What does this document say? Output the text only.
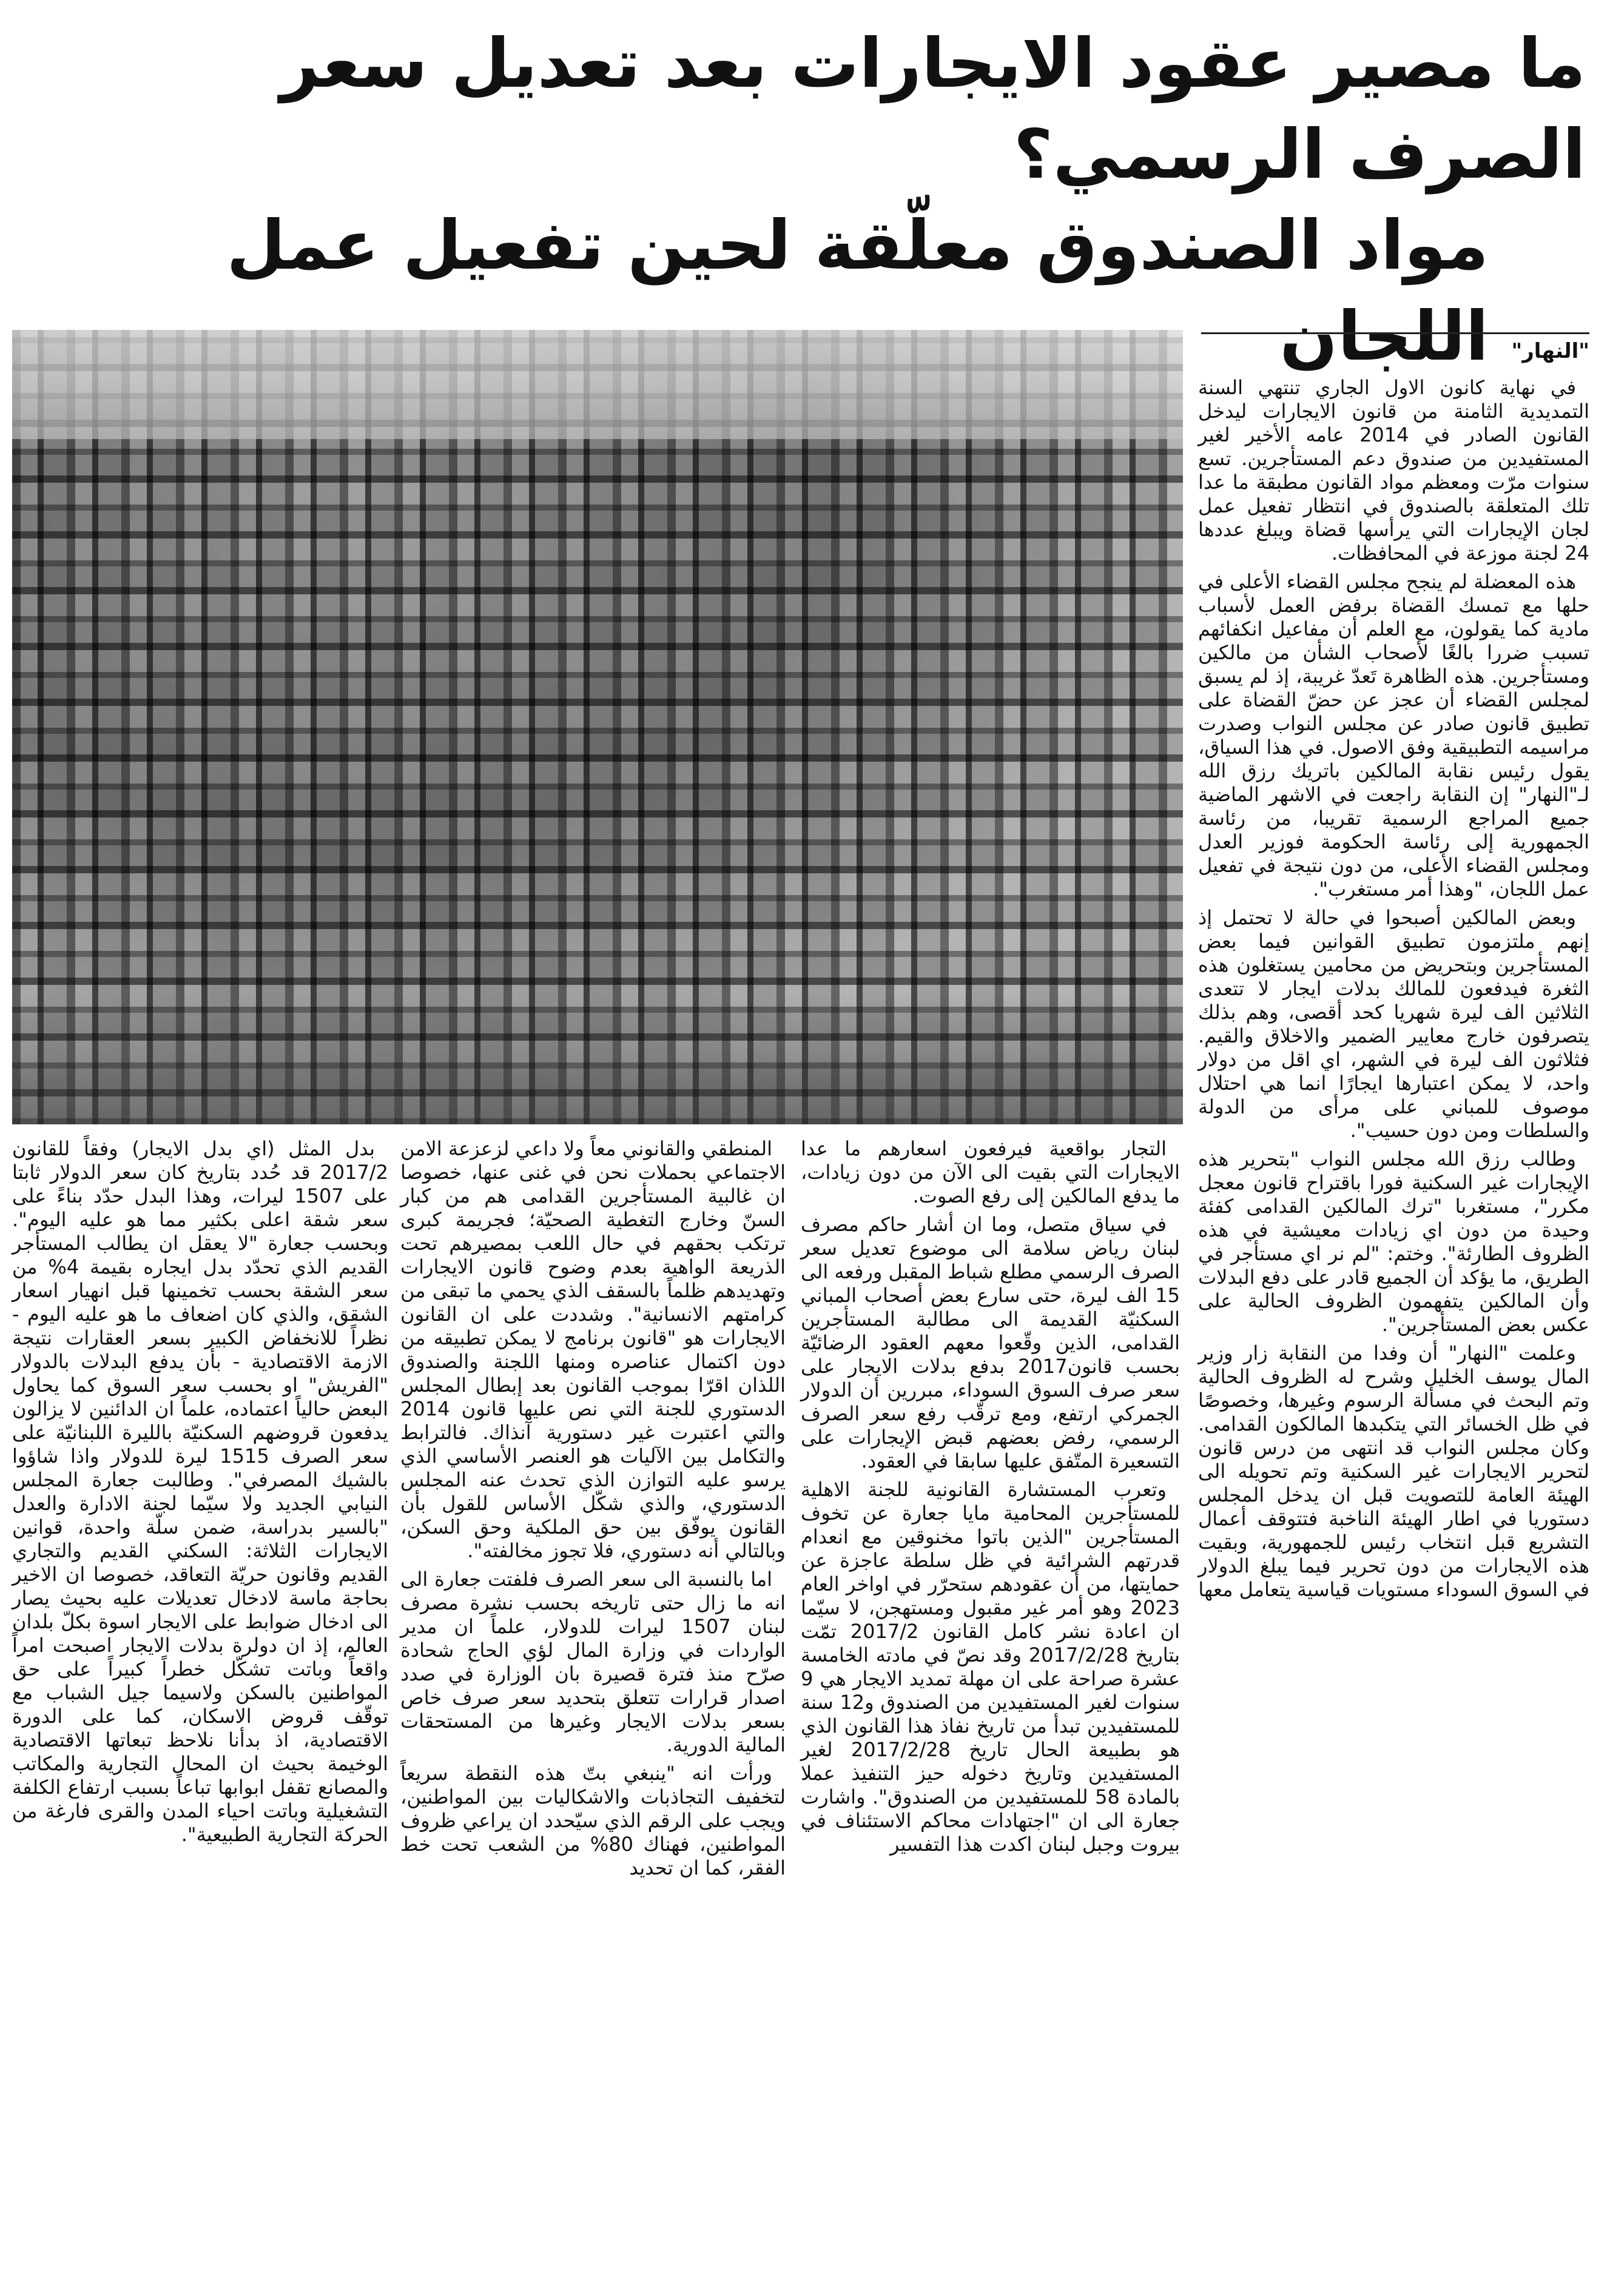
ما مصير عقود الايجارات بعد تعديل سعر الصرف الرسمي؟
مواد الصندوق معلّقة لحين تفعيل عمل اللجان	"النهار"

في نهاية كانون الاول الجاري تنتهي السنة التمديدية الثامنة من قانون الايجارات ليدخل القانون الصادر في 2014 عامه الأخير لغير المستفيدين من صندوق دعم المستأجرين. تسع سنوات مرّت ومعظم مواد القانون مطبقة ما عدا تلك المتعلقة بالصندوق في انتظار تفعيل عمل لجان الإيجارات التي يرأسها قضاة ويبلغ عددها 24 لجنة موزعة في المحافظات.

هذه المعضلة لم ينجح مجلس القضاء الأعلى في حلها مع تمسك القضاة برفض العمل لأسباب مادية كما يقولون، مع العلم أن مفاعيل انكفائهم تسبب ضررا بالغًا لأصحاب الشأن من مالكين ومستأجرين. هذه الظاهرة تَعدّ غريبة، إذ لم يسبق لمجلس القضاء أن عجز عن حضّ القضاة على تطبيق قانون صادر عن مجلس النواب وصدرت مراسيمه التطبيقية وفق الاصول. في هذا السياق، يقول رئيس نقابة المالكين باتريك رزق الله لـ"النهار" إن النقابة راجعت في الاشهر الماضية جميع المراجع الرسمية تقريبا، من رئاسة الجمهورية إلى رئاسة الحكومة فوزير العدل ومجلس القضاء الأعلى، من دون نتيجة في تفعيل عمل اللجان، "وهذا أمر مستغرب".

وبعض المالكين أصبحوا في حالة لا تحتمل إذ إنهم ملتزمون تطبيق القوانين فيما بعض المستأجرين وبتحريض من محامين يستغلون هذه الثغرة فيدفعون للمالك بدلات ايجار لا تتعدى الثلاثين الف ليرة شهريا كحد أقصى، وهم بذلك يتصرفون خارج معايير الضمير والاخلاق والقيم. فثلاثون الف ليرة في الشهر، اي اقل من دولار واحد، لا يمكن اعتبارها ايجارًا انما هي احتلال موصوف للمباني على مرأى من الدولة والسلطات ومن دون حسيب".

وطالب رزق الله مجلس النواب "بتحرير هذه الإيجارات غير السكنية فورا باقتراح قانون معجل مكرر"، مستغربا "ترك المالكين القدامى كفئة وحيدة من دون اي زيادات معيشية في هذه الظروف الطارئة". وختم: "لم نر اي مستأجر في الطريق، ما يؤكد أن الجميع قادر على دفع البدلات وأن المالكين يتفهمون الظروف الحالية على عكس بعض المستأجرين".

وعلمت "النهار" أن وفدا من النقابة زار وزير المال يوسف الخليل وشرح له الظروف الحالية وتم البحث في مسألة الرسوم وغيرها، وخصوصًا في ظل الخسائر التي يتكبدها المالكون القدامى. وكان مجلس النواب قد انتهى من درس قانون لتحرير الايجارات غير السكنية وتم تحويله الى الهيئة العامة للتصويت قبل ان يدخل المجلس دستوريا في اطار الهيئة الناخبة فتتوقف أعمال التشريع قبل انتخاب رئيس للجمهورية، وبقيت هذه الايجارات من دون تحرير فيما يبلغ الدولار في السوق السوداء مستويات قياسية يتعامل معها

التجار بواقعية فيرفعون اسعارهم ما عدا الايجارات التي بقيت الى الآن من دون زيادات، ما يدفع المالكين إلى رفع الصوت.

في سياق متصل، وما ان أشار حاكم مصرف لبنان رياض سلامة الى موضوع تعديل سعر الصرف الرسمي مطلع شباط المقبل ورفعه الى 15 الف ليرة، حتى سارع بعض أصحاب المباني السكنيّة القديمة الى مطالبة المستأجرين القدامى، الذين وقّعوا معهم العقود الرضائيّة بحسب قانون2017 بدفع بدلات الايجار على سعر صرف السوق السوداء، مبررين أن الدولار الجمركي ارتفع، ومع ترقّب رفع سعر الصرف الرسمي، رفض بعضهم قبض الإيجارات على التسعيرة المتّفق عليها سابقا في العقود.

وتعرب المستشارة القانونية للجنة الاهلية للمستأجرين المحامية مايا جعارة عن تخوف المستأجرين "الذين باتوا مخنوقين مع انعدام قدرتهم الشرائية في ظل سلطة عاجزة عن حمايتها، من أن عقودهم ستحرّر في اواخر العام 2023 وهو أمر غير مقبول ومستهجن، لا سيّما ان اعادة نشر كامل القانون 2017/2 تمّت بتاريخ 2017/2/28 وقد نصّ في مادته الخامسة عشرة صراحة على ان مهلة تمديد الايجار هي 9 سنوات لغير المستفيدين من الصندوق و12 سنة للمستفيدين تبدأ من تاريخ نفاذ هذا القانون الذي هو بطبيعة الحال تاريخ 2017/2/28 لغير المستفيدين وتاريخ دخوله حيز التنفيذ عملا بالمادة 58 للمستفيدين من الصندوق". واشارت جعارة الى ان "اجتهادات محاكم الاستئناف في بيروت وجبل لبنان اكدت هذا التفسير

المنطقي والقانوني معاً ولا داعي لزعزعة الامن الاجتماعي بحملات نحن في غنى عنها، خصوصا ان غالبية المستأجرين القدامى هم من كبار السنّ وخارج التغطية الصحيّة؛ فجريمة كبرى ترتكب بحقهم في حال اللعب بمصيرهم تحت الذريعة الواهية بعدم وضوح قانون الايجارات وتهديدهم ظلماً بالسقف الذي يحمي ما تبقى من كرامتهم الانسانية". وشددت على ان القانون الايجارات هو "قانون برنامج لا يمكن تطبيقه من دون اكتمال عناصره ومنها اللجنة والصندوق اللذان اقرّا بموجب القانون بعد إبطال المجلس الدستوري للجنة التي نص عليها قانون 2014 والتي اعتبرت غير دستورية آنذاك. فالترابط والتكامل بين الآليات هو العنصر الأساسي الذي يرسو عليه التوازن الذي تحدث عنه المجلس الدستوري، والذي شكّل الأساس للقول بأن القانون يوفّق بين حق الملكية وحق السكن، وبالتالي أنه دستوري، فلا تجوز مخالفته".

اما بالنسبة الى سعر الصرف فلفتت جعارة الى انه ما زال حتى تاريخه بحسب نشرة مصرف لبنان 1507 ليرات للدولار، علماً ان مدير الواردات في وزارة المال لؤي الحاج شحادة صرّح منذ فترة قصيرة بان الوزارة في صدد اصدار قرارات تتعلق بتحديد سعر صرف خاص بسعر بدلات الايجار وغيرها من المستحقات المالية الدورية.

ورأت انه "ينبغي بتّ هذه النقطة سريعاً لتخفيف التجاذبات والاشكاليات بين المواطنين، ويجب على الرقم الذي سيّحدد ان يراعي ظروف المواطنين، فهناك 80% من الشعب تحت خط الفقر، كما ان تحديد

بدل المثل (اي بدل الايجار) وفقاً للقانون 2017/2 قد حُدد بتاريخ كان سعر الدولار ثابتا على 1507 ليرات، وهذا البدل حدّد بناءً على سعر شقة اعلى بكثير مما هو عليه اليوم". وبحسب جعارة "لا يعقل ان يطالب المستأجر القديم الذي تحدّد بدل ايجاره بقيمة 4% من سعر الشقة بحسب تخمينها قبل انهيار اسعار الشقق، والذي كان اضعاف ما هو عليه اليوم - نظراً للانخفاض الكبير بسعر العقارات نتيجة الازمة الاقتصادية - بأن يدفع البدلات بالدولار "الفريش" او بحسب سعر السوق كما يحاول البعض حالياً اعتماده، علماً ان الدائنين لا يزالون يدفعون قروضهم السكنيّة بالليرة اللبنانيّة على سعر الصرف 1515 ليرة للدولار واذا شاؤوا بالشيك المصرفي". وطالبت جعارة المجلس النيابي الجديد ولا سيّما لجنة الادارة والعدل "بالسير بدراسة، ضمن سلّة واحدة، قوانين الايجارات الثلاثة: السكني القديم والتجاري القديم وقانون حريّة التعاقد، خصوصا ان الاخير بحاجة ماسة لادخال تعديلات عليه بحيث يصار الى ادخال ضوابط على الايجار اسوة بكلّ بلدان العالم، إذ ان دولرة بدلات الايجار اصبحت امراً واقعاً وباتت تشكّل خطراً كبيراً على حق المواطنين بالسكن ولاسيما جيل الشباب مع توقّف قروض الاسكان، كما على الدورة الاقتصادية، اذ بدأنا نلاحظ تبعاتها الاقتصادية الوخيمة بحيث ان المحال التجارية والمكاتب والمصانع تقفل ابوابها تباعاً بسبب ارتفاع الكلفة التشغيلية وباتت احياء المدن والقرى فارغة من الحركة التجارية الطبيعية".
